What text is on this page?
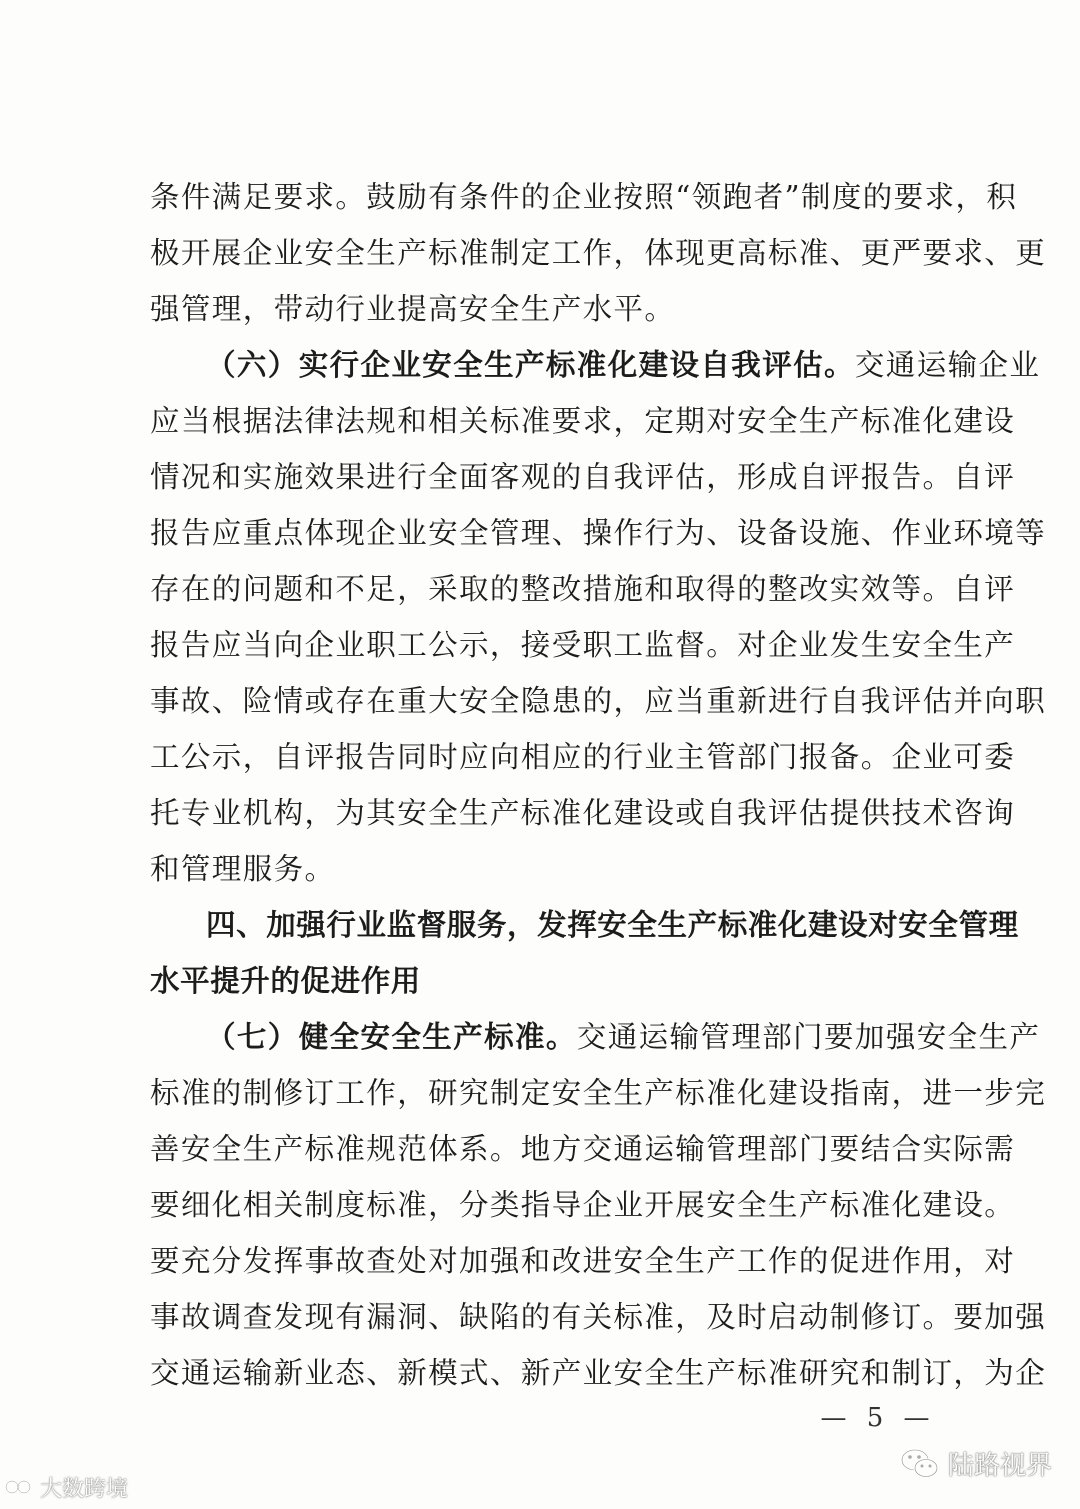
条件满足要求。鼓励有条件的企业按照“领跑者”制度的要求，积
极开展企业安全生产标准制定工作，体现更高标准、更严要求、更
强管理，带动行业提高安全生产水平。
（六）实行企业安全生产标准化建设自我评估。交通运输企业
应当根据法律法规和相关标准要求，定期对安全生产标准化建设
情况和实施效果进行全面客观的自我评估，形成自评报告。自评
报告应重点体现企业安全管理、操作行为、设备设施、作业环境等
存在的问题和不足，采取的整改措施和取得的整改实效等。自评
报告应当向企业职工公示，接受职工监督。对企业发生安全生产
事故、险情或存在重大安全隐患的，应当重新进行自我评估并向职
工公示，自评报告同时应向相应的行业主管部门报备。企业可委
托专业机构，为其安全生产标准化建设或自我评估提供技术咨询
和管理服务。
四、加强行业监督服务，发挥安全生产标准化建设对安全管理
水平提升的促进作用
（七）健全安全生产标准。交通运输管理部门要加强安全生产
标准的制修订工作，研究制定安全生产标准化建设指南，进一步完
善安全生产标准规范体系。地方交通运输管理部门要结合实际需
要细化相关制度标准，分类指导企业开展安全生产标准化建设。
要充分发挥事故查处对加强和改进安全生产工作的促进作用，对
事故调查发现有漏洞、缺陷的有关标准，及时启动制修订。要加强
交通运输新业态、新模式、新产业安全生产标准研究和制订，为企
— 5 —
大数跨境
陆路视界
